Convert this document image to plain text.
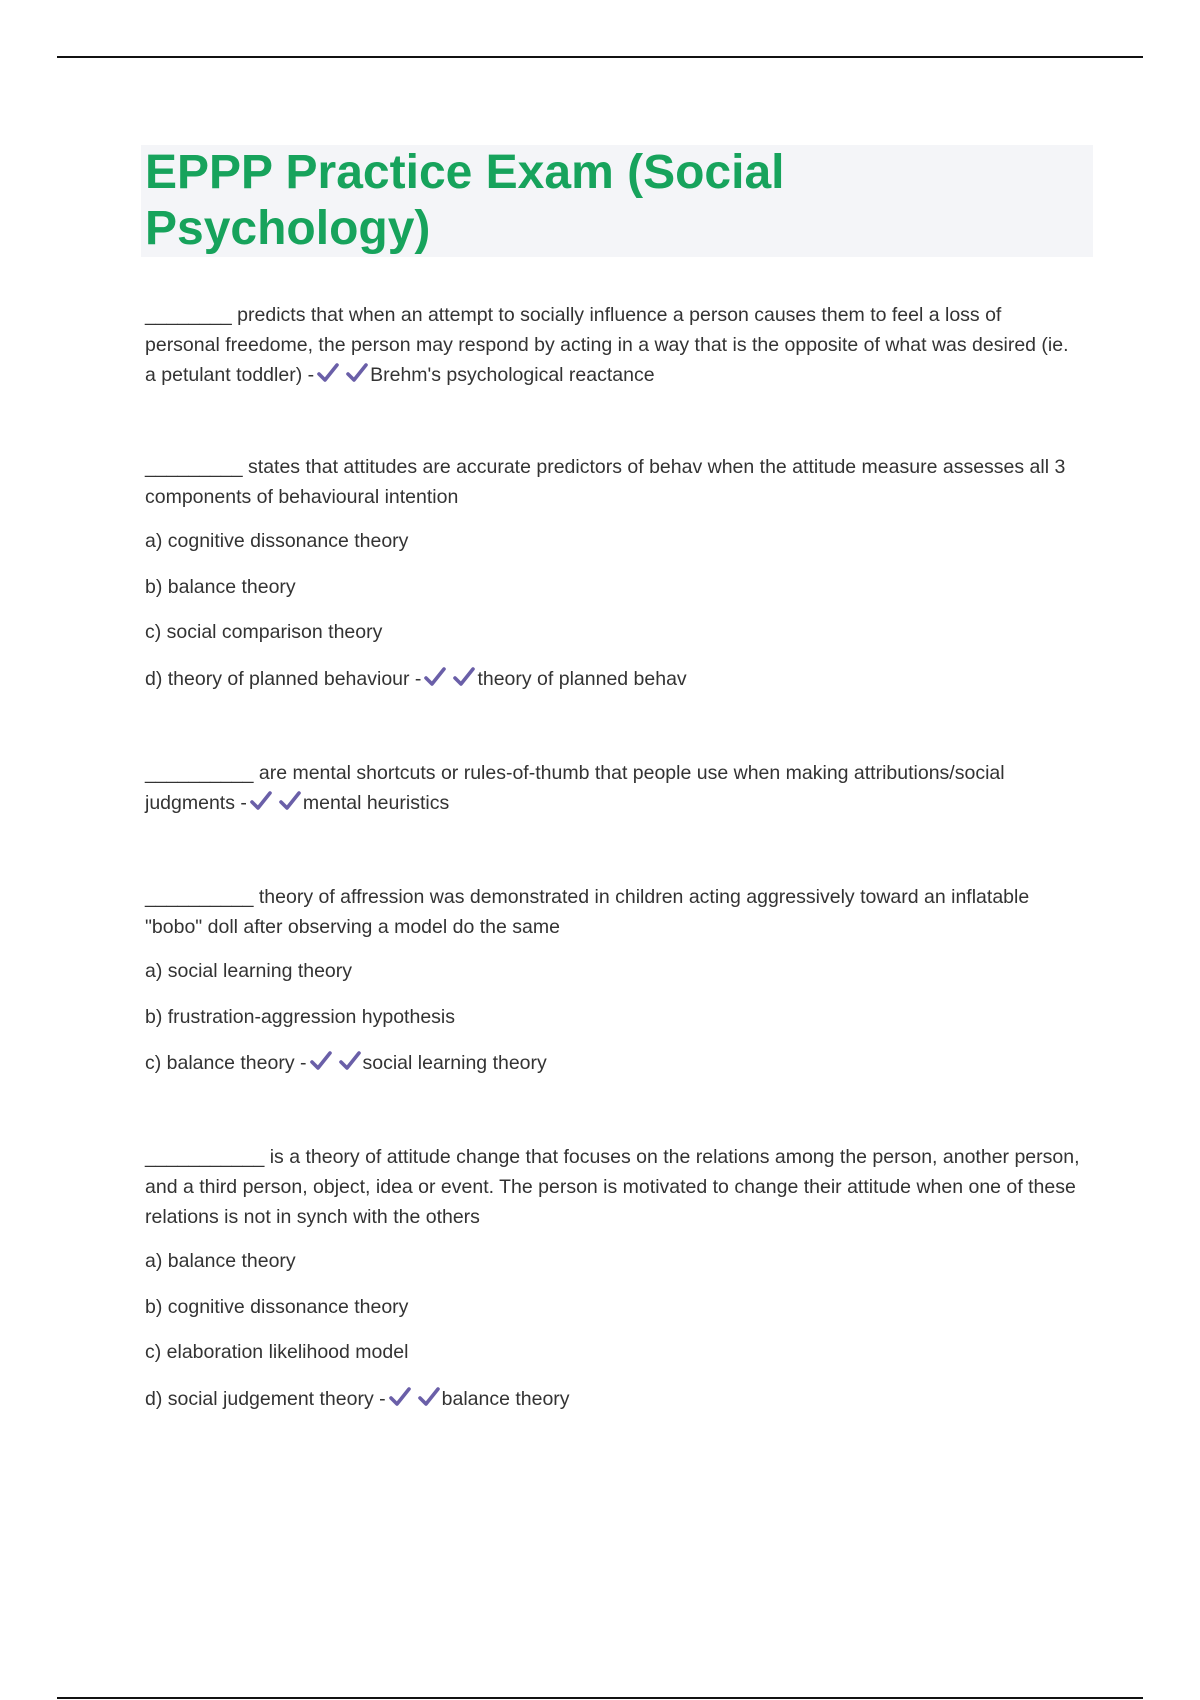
EPPP Practice Exam (Social Psychology)

________ predicts that when an attempt to socially influence a person causes them to feel a loss of personal freedome, the person may respond by acting in a way that is the opposite of what was desired (ie. a petulant toddler) -	Brehm's psychological reactance

_________ states that attitudes are accurate predictors of behav when the attitude measure assesses all 3 components of behavioural intention

a) cognitive dissonance theory

b) balance theory

c) social comparison theory

d) theory of planned behaviour -	theory of planned behav

__________ are mental shortcuts or rules-of-thumb that people use when making attributions/social judgments -	mental heuristics

__________ theory of affression was demonstrated in children acting aggressively toward an inflatable "bobo" doll after observing a model do the same

a) social learning theory

b) frustration-aggression hypothesis

c) balance theory -	social learning theory

___________ is a theory of attitude change that focuses on the relations among the person, another person, and a third person, object, idea or event. The person is motivated to change their attitude when one of these relations is not in synch with the others

a) balance theory

b) cognitive dissonance theory

c) elaboration likelihood model

d) social judgement theory -	balance theory
